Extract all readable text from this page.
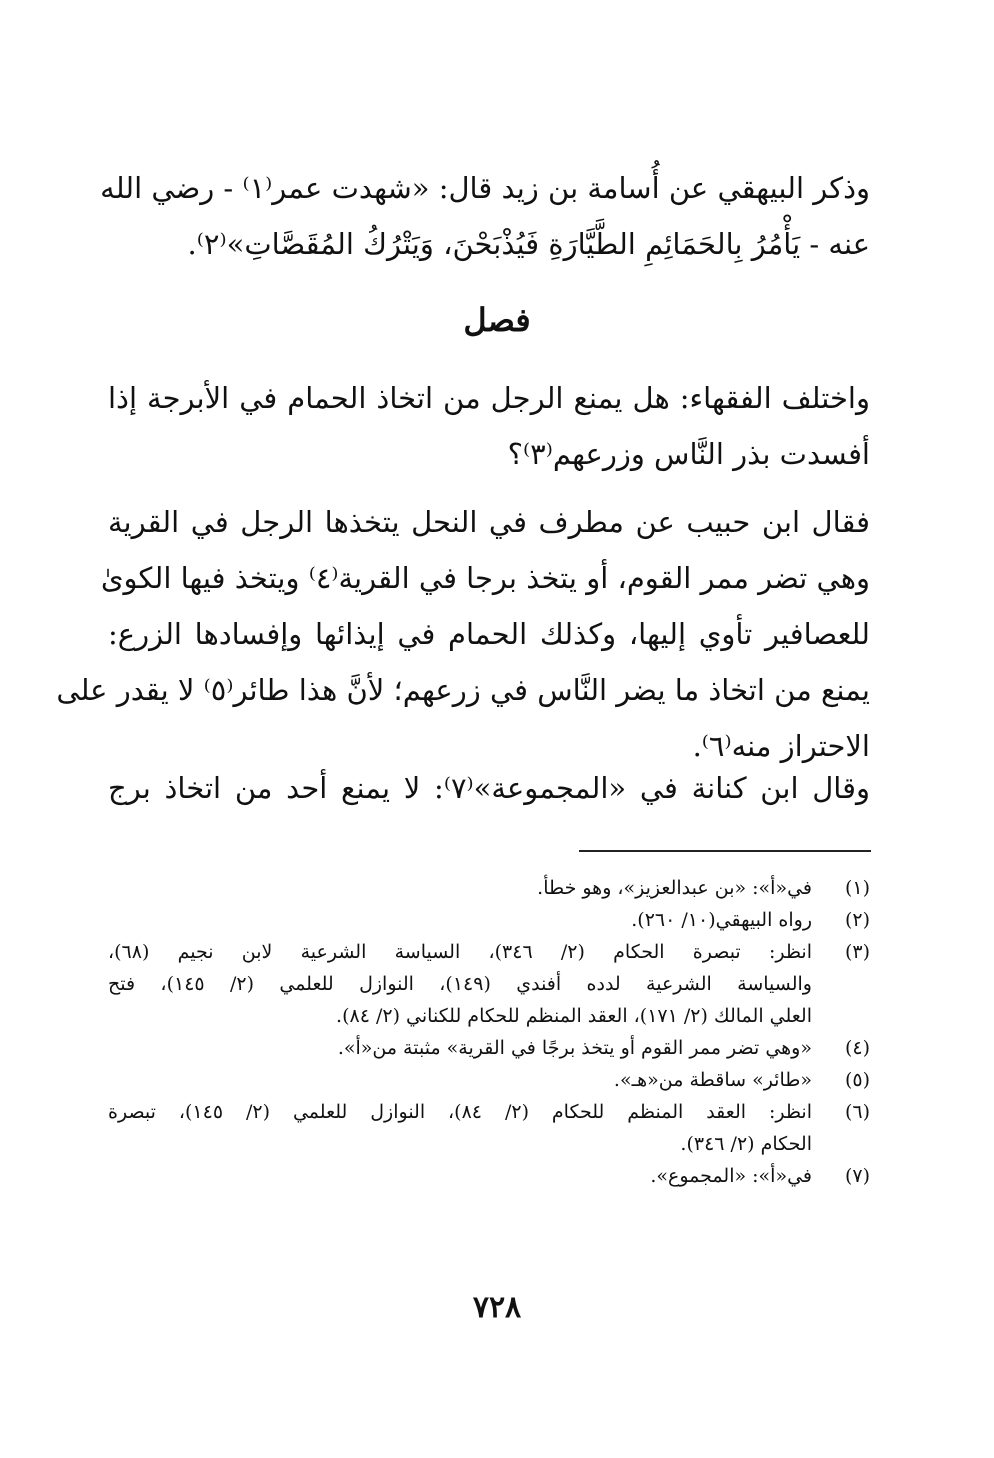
وذكر البيهقي عن أُسامة بن زيد قال: «شهدت عمر⁽١⁾ - رضي الله
عنه - يَأْمُرُ بِالحَمَائِمِ الطَّيَّارَةِ فَيُذْبَحْنَ، وَيَتْرُكُ المُقَصَّاتِ»⁽٢⁾.
فصل
واختلف الفقهاء: هل يمنع الرجل من اتخاذ الحمام في الأبرجة إذا
أفسدت بذر النَّاس وزرعهم⁽٣⁾؟
فقال ابن حبيب عن مطرف في النحل يتخذها الرجل في القرية
وهي تضر ممر القوم، أو يتخذ برجا في القرية⁽٤⁾ ويتخذ فيها الكوىٰ
للعصافير تأوي إليها، وكذلك الحمام في إيذائها وإفسادها الزرع:
يمنع من اتخاذ ما يضر النَّاس في زرعهم؛ لأنَّ هذا طائر⁽٥⁾ لا يقدر على
الاحتراز منه⁽٦⁾.
وقال ابن كنانة في «المجموعة»⁽٧⁾: لا يمنع أحد من اتخاذ برج
(١)
في«أ»: «بن عبدالعزيز»، وهو خطأ.
(٢)
رواه البيهقي(١٠/ ٢٦٠).
(٣)
انظر: تبصرة الحكام (٢/ ٣٤٦)، السياسة الشرعية لابن نجيم (٦٨)،
والسياسة الشرعية لدده أفندي (١٤٩)، النوازل للعلمي (٢/ ١٤٥)، فتح
العلي المالك (٢/ ١٧١)، العقد المنظم للحكام للكناني (٢/ ٨٤).
(٤)
«وهي تضر ممر القوم أو يتخذ برجًا في القرية» مثبتة من«أ».
(٥)
«طائر» ساقطة من«هـ».
(٦)
انظر: العقد المنظم للحكام (٢/ ٨٤)، النوازل للعلمي (٢/ ١٤٥)، تبصرة
الحكام (٢/ ٣٤٦).
(٧)
في«أ»: «المجموع».
٧٢٨
